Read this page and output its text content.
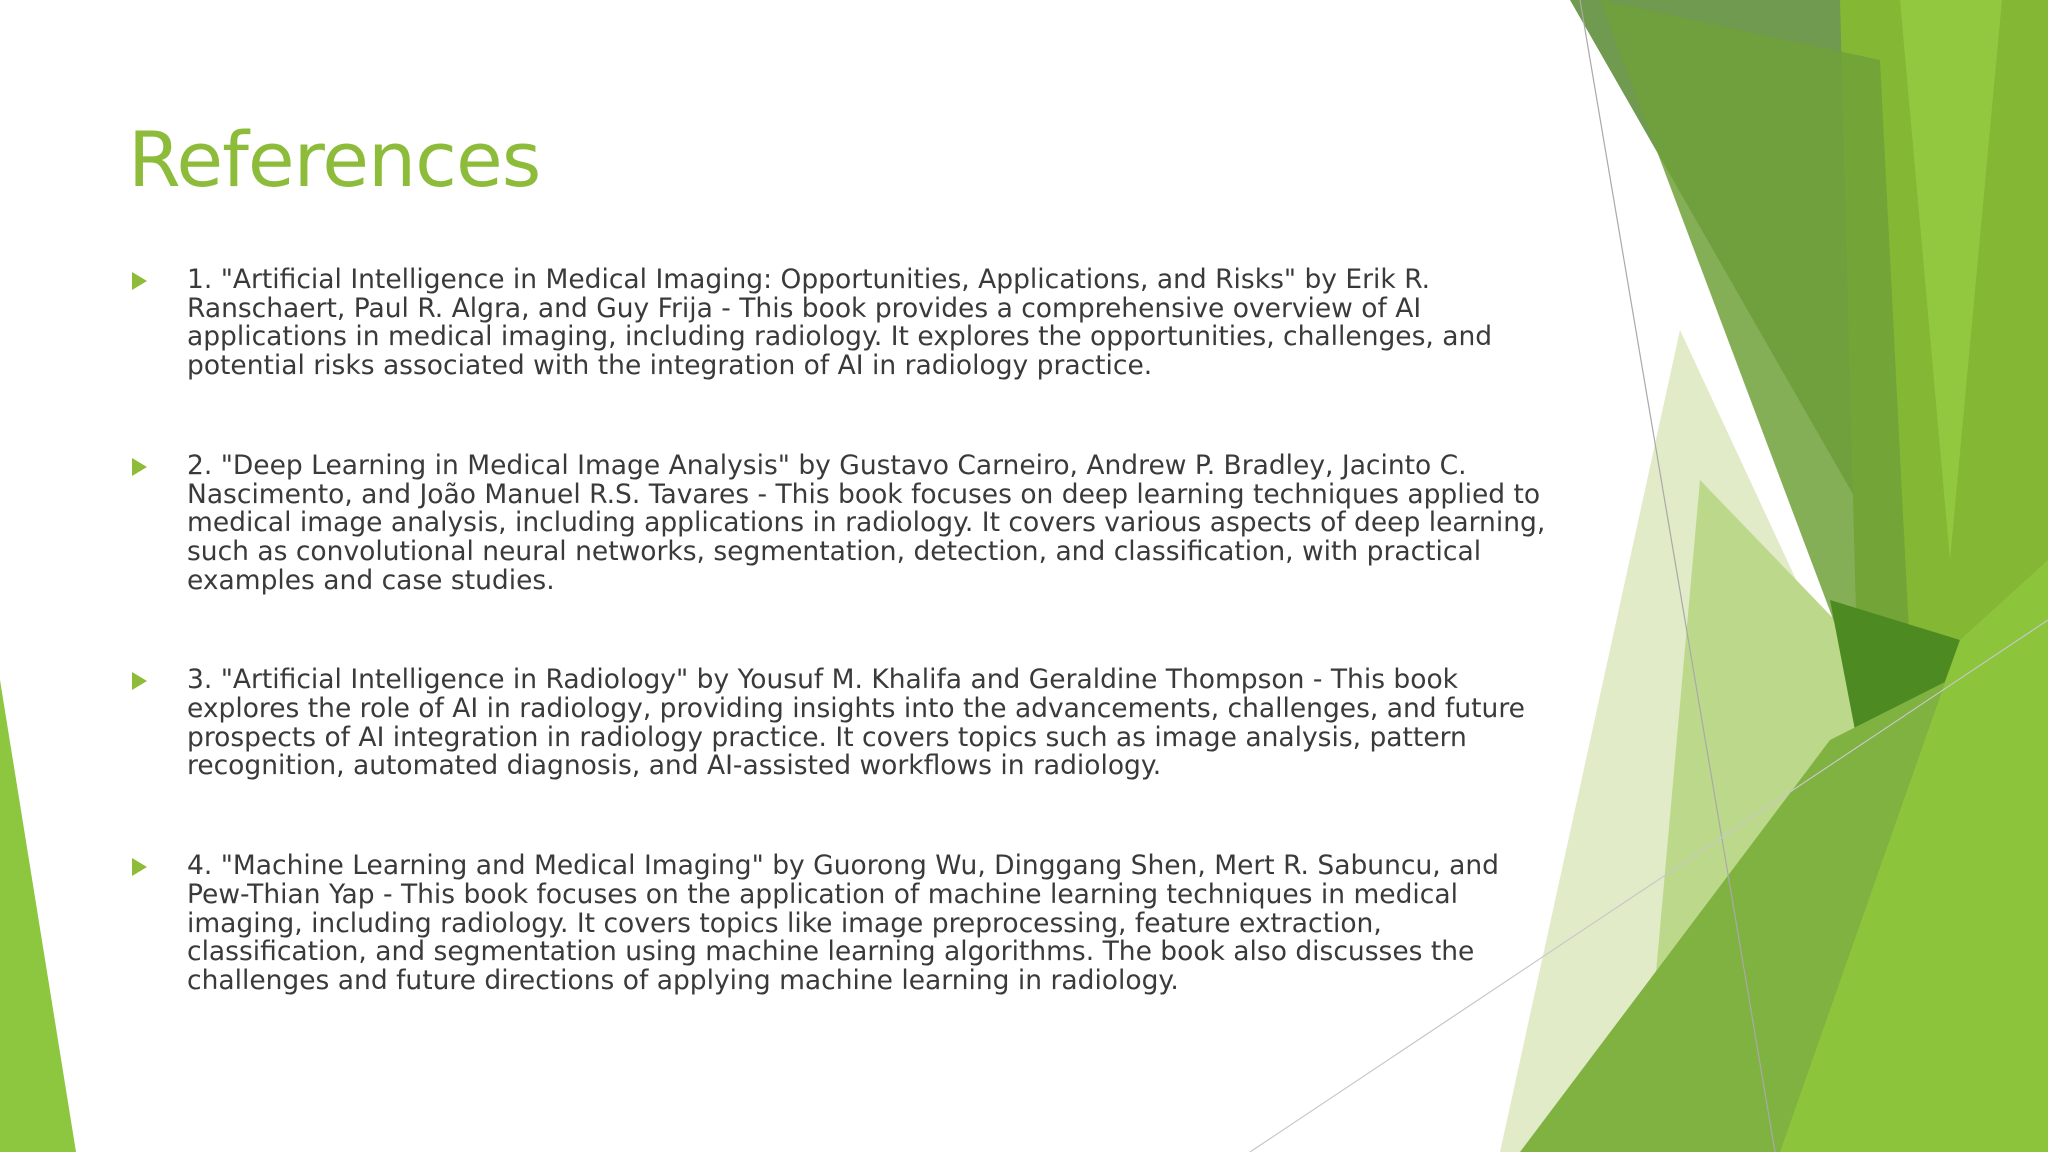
References
1. "Artificial Intelligence in Medical Imaging: Opportunities, Applications, and Risks" by Erik R. Ranschaert, Paul R. Algra, and Guy Frija - This book provides a comprehensive overview of AI applications in medical imaging, including radiology. It explores the opportunities, challenges, and potential risks associated with the integration of AI in radiology practice.
2. "Deep Learning in Medical Image Analysis" by Gustavo Carneiro, Andrew P. Bradley, Jacinto C. Nascimento, and João Manuel R.S. Tavares - This book focuses on deep learning techniques applied to medical image analysis, including applications in radiology. It covers various aspects of deep learning, such as convolutional neural networks, segmentation, detection, and classification, with practical examples and case studies.
3. "Artificial Intelligence in Radiology" by Yousuf M. Khalifa and Geraldine Thompson - This book explores the role of AI in radiology, providing insights into the advancements, challenges, and future prospects of AI integration in radiology practice. It covers topics such as image analysis, pattern recognition, automated diagnosis, and AI-assisted workflows in radiology.
4. "Machine Learning and Medical Imaging" by Guorong Wu, Dinggang Shen, Mert R. Sabuncu, and Pew-Thian Yap - This book focuses on the application of machine learning techniques in medical imaging, including radiology. It covers topics like image preprocessing, feature extraction, classification, and segmentation using machine learning algorithms. The book also discusses the challenges and future directions of applying machine learning in radiology.
